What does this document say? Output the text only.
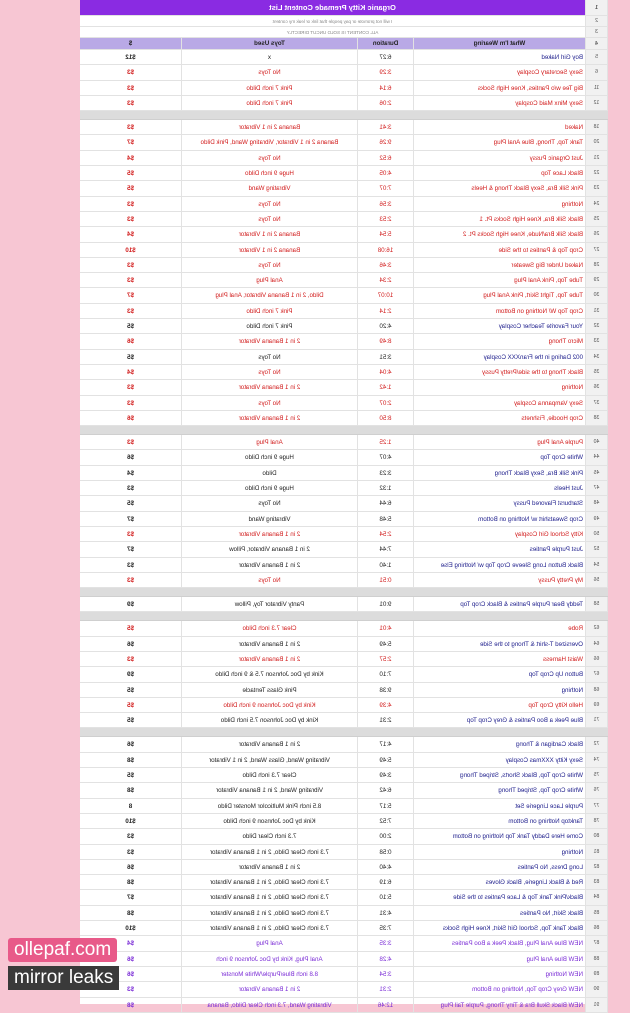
1
Organic Kitty Premade Content List
2
I will not promote or pay people that link or leak my content
3
ALL CONTENT IS SOLD UNCUT DIRECTLY
4
What I'm Wearing
Duration
Toys Used
$
5
Boy Girl Naked
6:27
x
$12
6
Sexy Secretary Cosplay
3:29
No Toys
$3
11
Big Tee w/o Panties, Knee High Socks
6:14
Pink 7 inch Dildo
$3
12
Sexy Minx Maid Cosplay
2:06
Pink 7 inch Dildo
$3
18
Naked
3:41
Banana 2 in 1 Vibrator
$3
20
Tank Top, Thong, Blue Anal Plug
9:26
Banana 2 in 1 Vibrator, Vibrating Wand, Pink Dildo
$7
21
Just Organic Pussy
6:52
No Toys
$4
22
Black Lace Top
4:05
Huge 9 inch Dildo
$5
23
Pink Silk Bra, Sexy Black Thong & Heels
7:07
Vibrating Wand
$5
24
Nothing
3:56
No Toys
$3
25
Black Silk Bra, Knee High Socks Pt. 1
2:53
No Toys
$3
26
Black Silk Bra/Nude, Knee High Socks Pt. 2
5:54
Banana 2 in 1 Vibrator
$4
27
Crop Top & Panties to the Side
16:08
Banana 2 in 1 Vibrator
$10
28
Naked Under Big Sweater
3:46
No Toys
$3
29
Tube Top, Pink Anal Plug
2:34
Anal Plug
$3
30
Tube Top, Tight Skirt, Pink Anal Plug
10:07
Dildo, 2 in 1 Banana Vibrator, Anal Plug
$7
31
Crop Top W/ Nothing on Bottom
2:14
Pink 7 inch Dildo
$3
32
Your Favorite Teacher Cosplay
4:20
Pink 7 inch Dildo
$5
33
Micro Thong
8:49
2 in 1 Banana Vibrator
$6
34
002 Darling in the FranXXX Cosplay
3:51
No Toys
$5
35
Black Thong to the side/Pretty Pussy
4:04
No Toys
$4
36
Nothing
1:42
2 in 1 Banana Vibrator
$3
37
Sexy Vampanna Cosplay
2:07
No Toys
$3
38
Crop Hoodie, Fishnets
8:50
2 in 1 Banana Vibrator
$6
40
Purple Anal Plug
1:25
Anal Plug
$3
44
White Crop Top
4:07
Huge 9 inch Dildo
$6
45
Pink Silk Bra, Sexy Black Thong
3:23
Dildo
$4
47
Just Heels
1:32
Huge 9 inch Dildo
$3
48
Starburst Flavored Pussy
6:44
No Toys
$5
49
Crop Sweatshirt w/ Nothing on Bottom
5:48
Vibrating Wand
$7
50
Kitty School Girl Cosplay
2:54
2 in 1 Banana Vibrator
$3
52
Just Purple Panties
7:44
2 in 1 Banana Vibrator, Pillow
$7
54
Black Button Long Sleeve Crop Top w/ Nothing Else
1:40
2 in 1 Banana Vibrator
$3
56
My Pretty Pussy
0:51
No Toys
$3
58
Teddy Bear Purple Panties & Black Crop Top
9:01
Panty Vibrator Toy, Pillow
$9
62
Robe
4:01
Clear 7.3 inch Dildo
$5
64
Oversized T-shirt & Thong to the Side
5:49
2 in 1 Banana Vibrator
$6
66
Waist Harness
2:57
2 in 1 Banana Vibrator
$3
67
Button Up Crop Top
7:10
Kink by Doc Johnson 7.5 & 9 inch Dildo
$9
68
Nothing
9:38
Pink Glass Tentacle
$5
69
Hello Kitty Crop Top
4:39
Kink by Doc Johnson 9 inch Dildo
$5
71
Blue Peek a Boo Panties & Grey Crop Top
2:31
Kink by Doc Johnson 7.5 inch Dildo
$5
72
Black Cardigan & Thong
4:17
2 in 1 Banana Vibrator
$6
74
Sexy Kitty XXXmas Cosplay
5:49
Vibrating Wand, Glass Wand, 2 in 1 Vibrator
$8
75
White Crop Top, Black Shorts, Striped Thong
3:49
Clear 7.3 inch Dildo
$5
76
White Crop Top, Striped Thong
6:42
Vibrating Wand, 2 in 1 Banana Vibrator
$8
77
Purple Lace Lingerie Set
5:17
8.5 inch Pink Multicolor Monster Dildo
8
78
Tanktop Nothing on Bottom
7:52
Kink by Doc Johnson 9 inch Dildo
$10
80
Come Here Daddy Tank Top Nothing on Bottom
2:00
7.3 inch Clear Dildo
$3
81
Nothing
0:58
7.3 inch Clear Dildo, 2 in 1 Banana Vibrator
$3
82
Long Dress, No Panties
4:40
2 in 1 Banana Vibrator
$6
83
Red & Black Lingerie, Black Gloves
6:19
7.3 inch Clear Dildo, 2 in 1 Banana Vibrator
$8
84
Black/Pink Tank Top & Lace Panties to the Side
5:10
7.3 inch Clear Dildo, 2 in 1 Banana Vibrator
$7
85
Black Skirt, No Panties
4:31
7.3 inch Clear Dildo, 2 in 1 Banana Vibrator
$8
86
Black Tank Top, School Girl Skirt, Knee High Socks
7:35
7.3 inch Clear Dildo, 2 in 1 Banana Vibrator
$10
87
NEW Blue Anal Plug, Black Peek a Boo Panties
3:35
Anal Plug
$4
88
NEW Blue Anal Plug
4:28
Anal Plug, Kink by Doc Johnson 9 inch
$6
89
NEW Nothing
3:54
8.8 inch Blue/Purple/White Monster
$6
90
NEW Grey Crop Top, Nothing on Bottom
2:31
2 in 1 Banana Vibrator
$3
91
NEW Black Skull Bra & Tiny Thong, Purple Tail Plug
12:46
Vibrating Wand, 7.3 inch Clear Dildo, Banana
$8
ollepaf.com
mirror leaks
